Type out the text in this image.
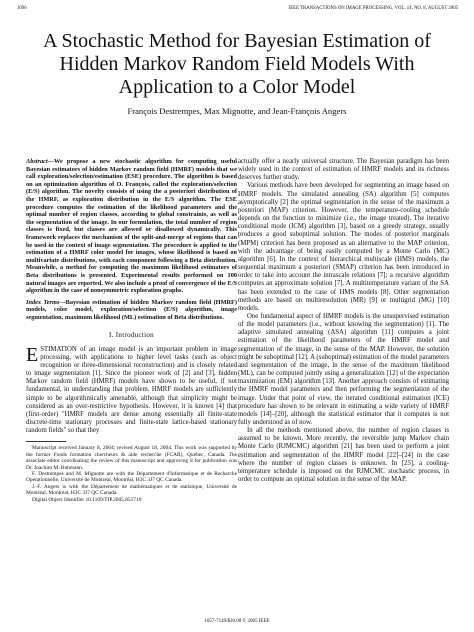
1096	IEEE TRANSACTIONS ON IMAGE PROCESSING, VOL. 14, NO. 8, AUGUST 2005
A Stochastic Method for Bayesian Estimation of Hidden Markov Random Field Models With Application to a Color Model
François Destrempes, Max Mignotte, and Jean-François Angers

Abstract—We propose a new stochastic algorithm for computing useful Bayesian estimators of hidden Markov random field (HMRF) models that we call exploration/selection/estimation (ESE) procedure. The algorithm is based on an optimization algorithm of O. François, called the exploration/selection (E/S) algorithm. The novelty consists of using the a posteriori distribution of the HMRF, as exploration distribution in the E/S algorithm. The ESE procedure computes the estimation of the likelihood parameters and the optimal number of region classes, according to global constraints, as well as the segmentation of the image. In our formulation, the total number of region classes is fixed, but classes are allowed or disallowed dynamically. This framework replaces the mechanism of the split-and-merge of regions that can be used in the context of image segmentation. The procedure is applied to the estimation of a HMRF color model for images, whose likelihood is based on multivariate distributions, with each component following a Beta distribution. Meanwhile, a method for computing the maximum likelihood estimators of Beta distributions is presented. Experimental results performed on 100 natural images are reported. We also include a proof of convergence of the E/S algorithm in the case of nonsymmetric exploration graphs.

Index Terms—Bayesian estimation of hidden Markov random field (HMRF) models, color model, exploration/selection (E/S) algorithm, image segmentation, maximum likelihood (ML) estimation of Beta distributions.

I. Introduction

ESTIMATION of an image model is an important problem in image processing, with applications to higher level tasks (such as object recognition or three-dimensional reconstruction) and is closely related to image segmentation [1]. Since the pioneer work of [2] and [3], hidden Markov random field (HMRF) models have shown to be useful, if not fundamental, in understanding that problem. HMRF models are sufficiently simple to be algorithmically amenable, although that simplicity might be considered as an over-restrictive hypothesis. However, it is known [4] that (first-order) "HMRF models are dense among essentially all finite-state discrete-time stationary processes and finite-state lattice-based stationary random fields" so that they

Manuscript received January 8, 2004; revised August 18, 2004. This work was supported by the former Fonds formation chercheurs & aide recherche (FCAR), Quebec, Canada. The associate editor coordinating the review of this manuscript and approving it for publication was Dr. Joachim M. Buhmann.

F. Destrempes and M. Mignotte are with the Département d'Informatique et de Recherche Opérationnelle, Université de Montréal, Montréal, H3C 3J7 QC Canada.

J.-F. Angers is with the Département de mathématiques et de statistique, Université de Montréal, Montréal, H3C 3J7 QC Canada.

Digital Object Identifier 10.1109/TIP.2005.851710

actually offer a nearly universal structure. The Bayesian paradigm has been widely used in the context of estimation of HMRF models and its richness deserves further study.

Various methods have been developed for segmenting an image based on HMRF models. The simulated annealing (SA) algorithm [5] computes asymptotically [2] the optimal segmentation in the sense of the maximum a posteriori (MAP) criterion. However, the temperature-cooling schedule depends on the function to minimize (i.e., the image treated). The iterative conditional mode (ICM) algorithm [3], based on a greedy strategy, usually produces a good suboptimal solution. The modes of posterior marginals (MPM) criterion has been proposed as an alternative to the MAP criterion, with the advantage of being easily computed by a Monte Carlo (MC) algorithm [6]. In the context of hierarchical multiscale (HMS) models, the sequential maximum a posteriori (SMAP) criterion has been introduced in order to take into account the intrascale relations [7]; a recursive algorithm computes an approximate solution [7]. A multitemperature variant of the SA has been extended to the case of HMS models [8]. Other segmentation methods are based on multiresolution (MR) [9] or multigrid (MG) [10] models.

One fundamental aspect of HMRF models is the unsupervised estimation of the model parameters (i.e., without knowing the segmentation) [1]. The adaptive simulated annealing (ASA) algorithm [11] computes a joint estimation of the likelihood parameters of the HMRF model and segmentation of the image, in the sense of the MAP. However, the solution might be suboptimal [12]. A (suboptimal) estimation of the model parameters and segmentation of the image, in the sense of the maximum likelihood (ML), can be computed jointly using a generalization [12] of the expectation maximization (EM) algorithm [13]. Another approach consists of estimating the HMRF model parameters and then performing the segmentation of the image. Under that point of view, the iterated conditional estimation (ICE) procedure has shown to be relevant in estimating a wide variety of HMRF models [14]–[20], although the statistical estimator that it computes is not fully understood as of now.

In all the methods mentioned above, the number of region classes is assumed to be known. More recently, the reversible jump Markov chain Monte Carlo (RJMCMC) algorithm [21] has been used to perform a joint estimation and segmentation of the HMRF model [22]–[24] in the case where the number of region classes is unknown. In [25], a cooling-temperature schedule is imposed on the RJMCMC stochastic process, in order to compute an optimal solution in the sense of the MAP.

1057-7149/$20.00 © 2005 IEEE
